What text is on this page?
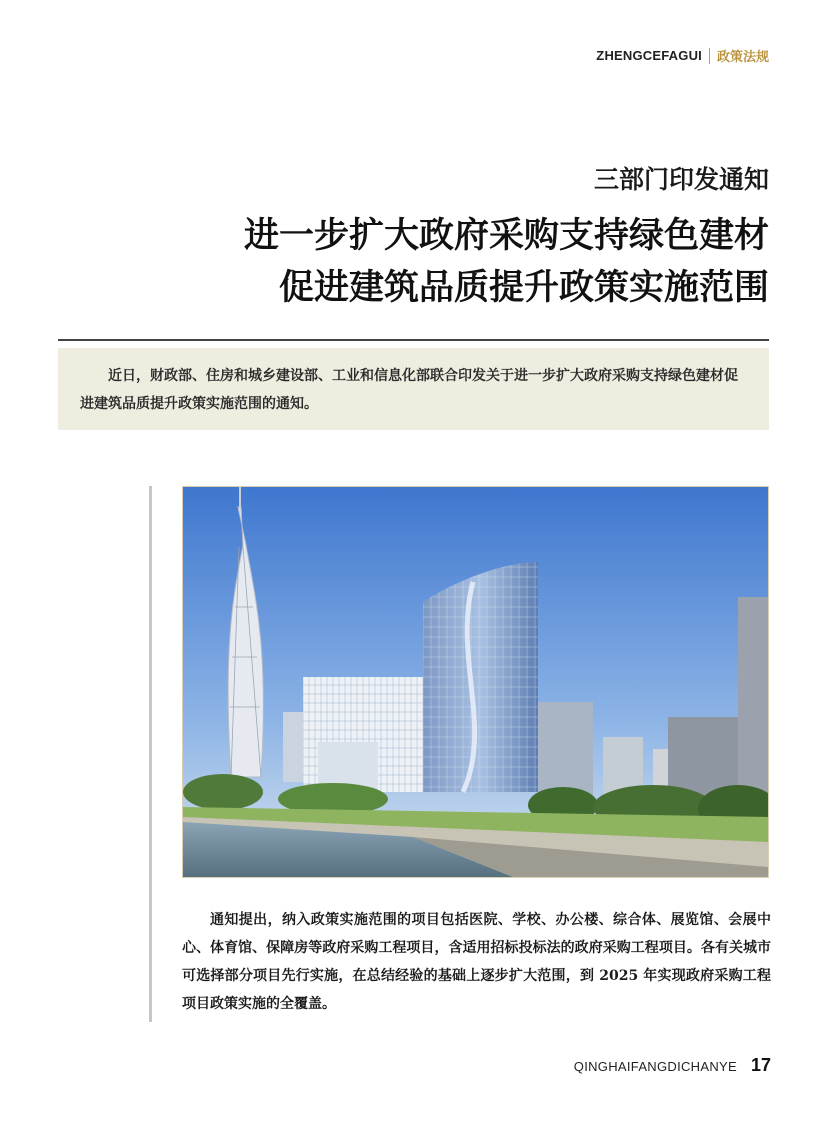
ZHENGCEFAGUI 政策法规
三部门印发通知
进一步扩大政府采购支持绿色建材
促进建筑品质提升政策实施范围

近日，财政部、住房和城乡建设部、工业和信息化部联合印发关于进一步扩大政府采购支持绿色建材促进建筑品质提升政策实施范围的通知。

通知提出，纳入政策实施范围的项目包括医院、学校、办公楼、综合体、展览馆、会展中心、体育馆、保障房等政府采购工程项目，含适用招标投标法的政府采购工程项目。各有关城市可选择部分项目先行实施，在总结经验的基础上逐步扩大范围，到 2025 年实现政府采购工程项目政策实施的全覆盖。

QINGHAIFANGDICHANYE 17
